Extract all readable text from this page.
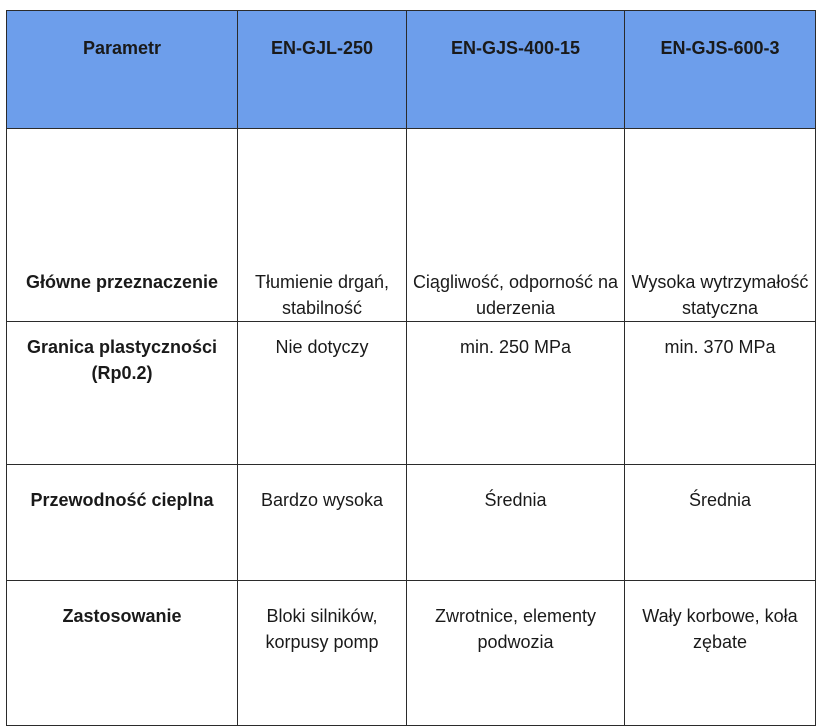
Parametr	EN-GJL-250	EN-GJS-400-15	EN-GJS-600-3
Główne przeznaczenie	Tłumienie drgań, stabilność	Ciągliwość, odporność na uderzenia	Wysoka wytrzymałość statyczna
Granica plastyczności (Rp0.2)	Nie dotyczy	min. 250 MPa	min. 370 MPa
Przewodność cieplna	Bardzo wysoka	Średnia	Średnia
Zastosowanie	Bloki silników, korpusy pomp	Zwrotnice, elementy podwozia	Wały korbowe, koła zębate
